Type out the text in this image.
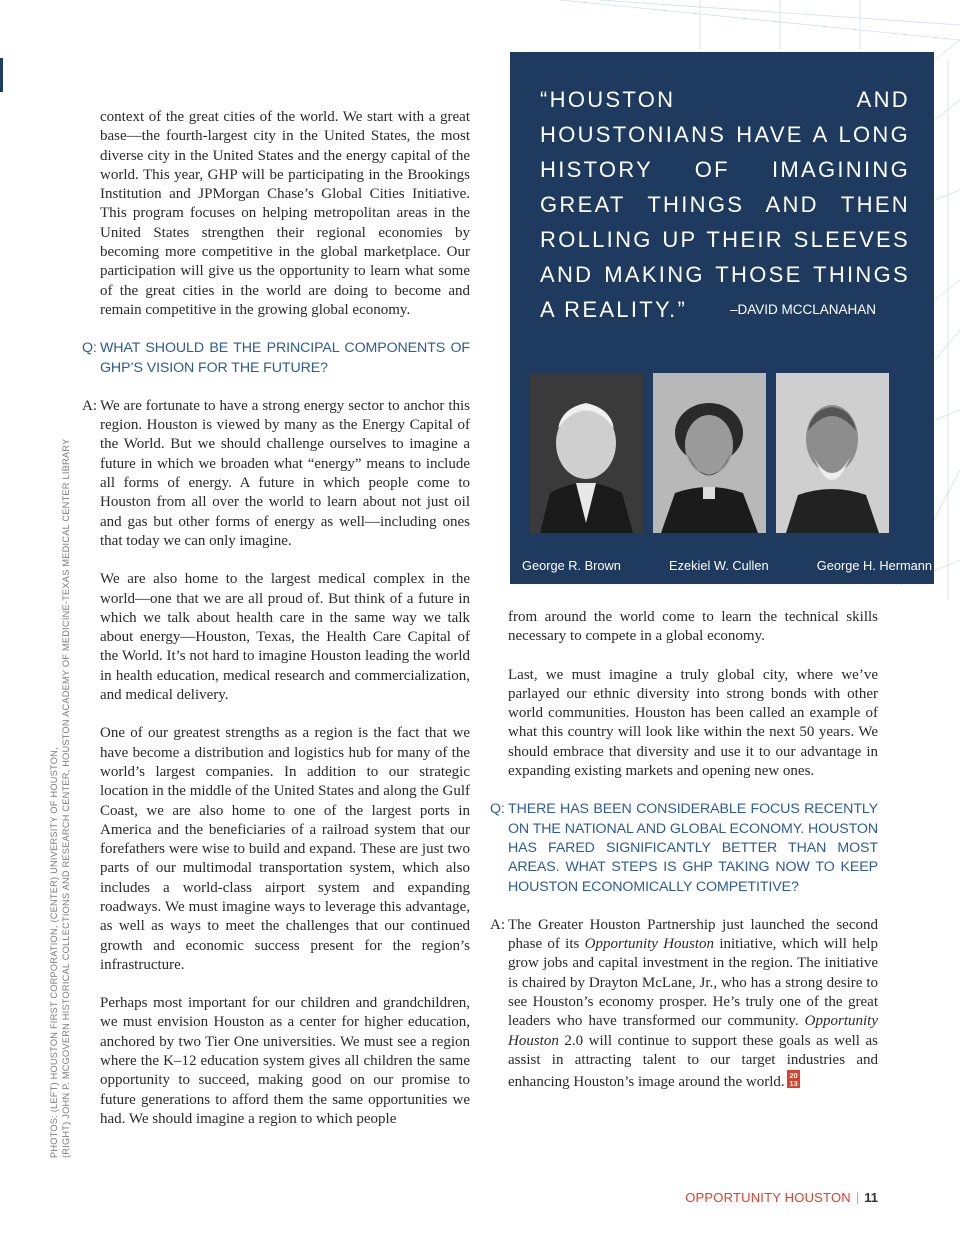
PHOTOS: (LEFT) HOUSTON FIRST CORPORATION, (CENTER) UNIVERSITY OF HOUSTON, (RIGHT) JOHN P. MCGOVERN HISTORICAL COLLECTIONS AND RESEARCH CENTER, HOUSTON ACADEMY OF MEDICINE-TEXAS MEDICAL CENTER LIBRARY

context of the great cities of the world. We start with a great base—the fourth-largest city in the United States, the most diverse city in the United States and the energy capital of the world. This year, GHP will be participating in the Brookings Institution and JPMorgan Chase’s Global Cities Initiative. This program focuses on helping metropolitan areas in the United States strengthen their regional economies by becoming more competitive in the global marketplace. Our participation will give us the opportunity to learn what some of the great cities in the world are doing to become and remain competitive in the growing global economy.

Q: WHAT SHOULD BE THE PRINCIPAL COMPONENTS OF GHP’S VISION FOR THE FUTURE?
A: We are fortunate to have a strong energy sector to anchor this region. Houston is viewed by many as the Energy Capital of the World. But we should challenge ourselves to imagine a future in which we broaden what “energy” means to include all forms of energy. A future in which people come to Houston from all over the world to learn about not just oil and gas but other forms of energy as well—including ones that today we can only imagine.

We are also home to the largest medical complex in the world—one that we are all proud of. But think of a future in which we talk about health care in the same way we talk about energy—Houston, Texas, the Health Care Capital of the World. It’s not hard to imagine Houston leading the world in health education, medical research and commercialization, and medical delivery.

One of our greatest strengths as a region is the fact that we have become a distribution and logistics hub for many of the world’s largest companies. In addition to our strategic location in the middle of the United States and along the Gulf Coast, we are also home to one of the largest ports in America and the beneficiaries of a railroad system that our forefathers were wise to build and expand. These are just two parts of our multimodal transportation system, which also includes a world-class airport system and expanding roadways. We must imagine ways to leverage this advantage, as well as ways to meet the challenges that our continued growth and economic success present for the region’s infrastructure.

Perhaps most important for our children and grandchildren, we must envision Houston as a center for higher education, anchored by two Tier One universities. We must see a region where the K–12 education system gives all children the same opportunity to succeed, making good on our promise to future generations to afford them the same opportunities we had. We should imagine a region to which people

“HOUSTON AND HOUSTONIANS HAVE A LONG HISTORY OF IMAGINING GREAT THINGS AND THEN ROLLING UP THEIR SLEEVES AND MAKING THOSE THINGS A REALITY.”	–DAVID MCCLANAHAN
George R. Brown	Ezekiel W. Cullen	George H. Hermann

from around the world come to learn the technical skills necessary to compete in a global economy.

Last, we must imagine a truly global city, where we’ve parlayed our ethnic diversity into strong bonds with other world communities. Houston has been called an example of what this country will look like within the next 50 years. We should embrace that diversity and use it to our advantage in expanding existing markets and opening new ones.

Q: THERE HAS BEEN CONSIDERABLE FOCUS RECENTLY ON THE NATIONAL AND GLOBAL ECONOMY. HOUSTON HAS FARED SIGNIFICANTLY BETTER THAN MOST AREAS. WHAT STEPS IS GHP TAKING NOW TO KEEP HOUSTON ECONOMICALLY COMPETITIVE?
A: The Greater Houston Partnership just launched the second phase of its Opportunity Houston initiative, which will help grow jobs and capital investment in the region. The initiative is chaired by Drayton McLane, Jr., who has a strong desire to see Houston’s economy prosper. He’s truly one of the great leaders who have transformed our community. Opportunity Houston 2.0 will continue to support these goals as well as assist in attracting talent to our target industries and enhancing Houston’s image around the world. 20
13
OPPORTUNITY HOUSTON | 11
